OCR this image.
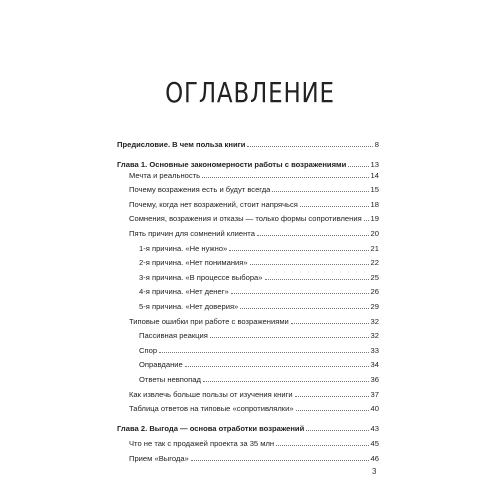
ОГЛАВЛЕНИЕ
Предисловие. В чем польза книги	8
Глава 1. Основные закономерности работы с возражениями	13
Мечта и реальность	14
Почему возражения есть и будут всегда	15
Почему, когда нет возражений, стоит напрячься	18
Сомнения, возражения и отказы — только формы сопротивления 19
Пять причин для сомнений клиента	20
1-я причина. «Не нужно»	21
2-я причина. «Нет понимания»	22
3-я причина. «В процессе выбора»	25
4-я причина. «Нет денег»	26
5-я причина. «Нет доверия»	29
Типовые ошибки при работе с возражениями	32
Пассивная реакция	32
Спор	33
Оправдание	34
Ответы невпопад	36
Как извлечь больше пользы от изучения книги	37
Таблица ответов на типовые «сопротивлялки»	40
Глава 2. Выгода — основа отработки возражений	43
Что не так с продажей проекта за 35 млн	45
Прием «Выгода»	46
3
